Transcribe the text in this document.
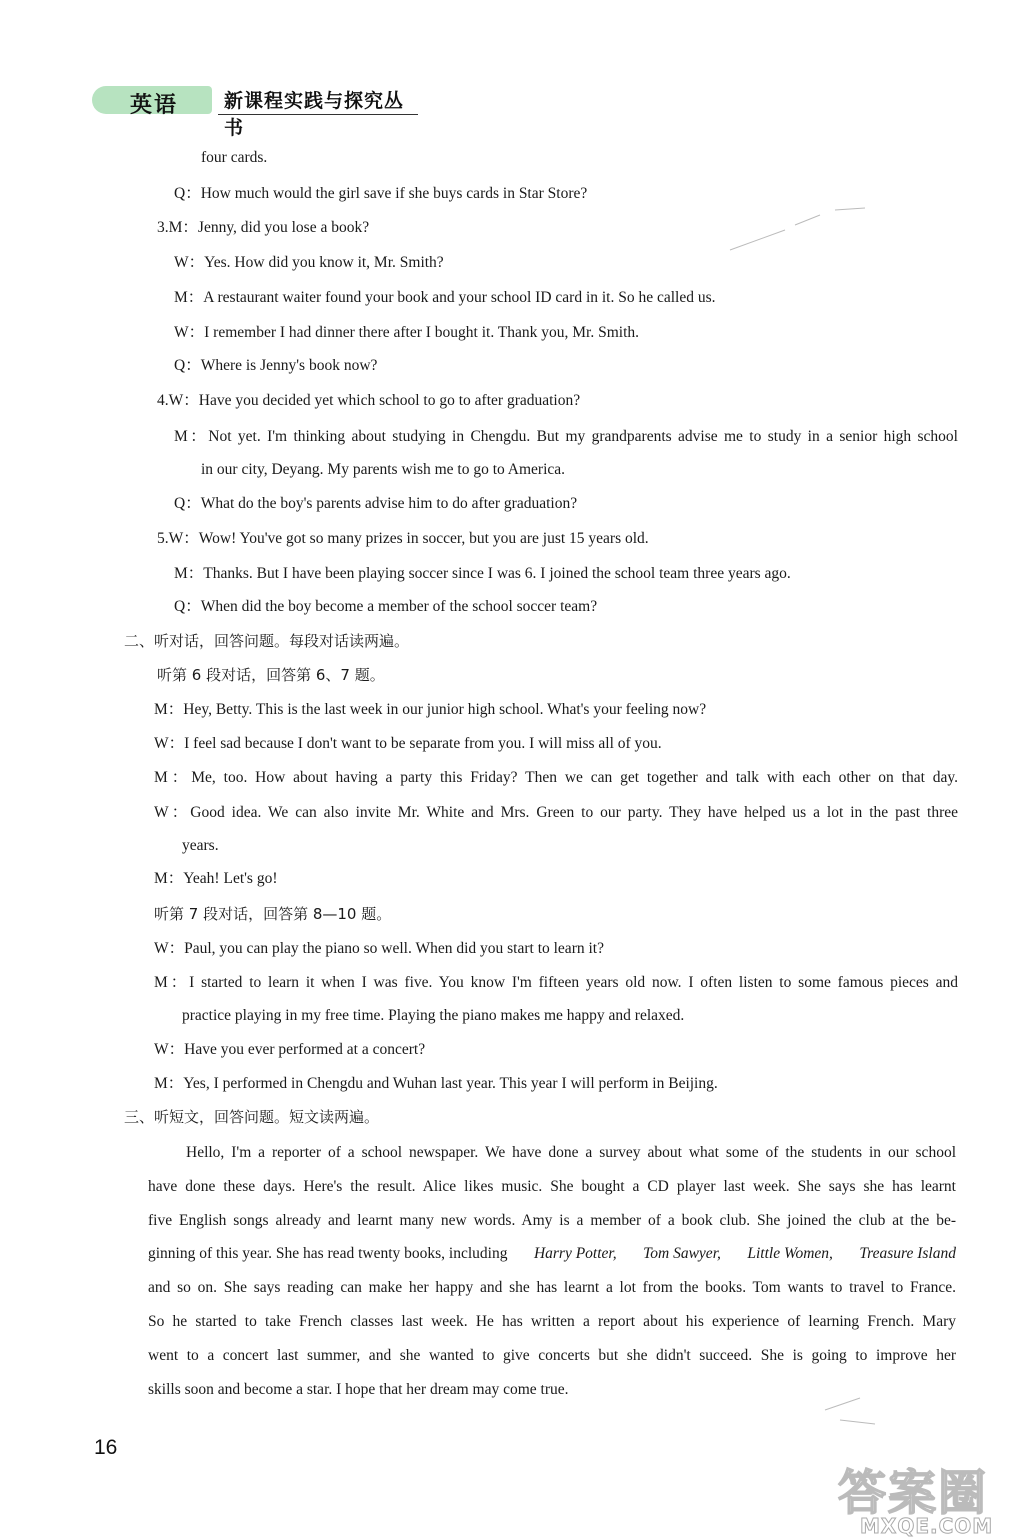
英语 新课程实践与探究丛书
four cards.
Q：How much would the girl save if she buys cards in Star Store?
3.M：Jenny, did you lose a book?
W：Yes. How did you know it, Mr. Smith?
M：A restaurant waiter found your book and your school ID card in it. So he called us.
W：I remember I had dinner there after I bought it. Thank you, Mr. Smith.
Q：Where is Jenny's book now?
4.W：Have you decided yet which school to go to after graduation?
M：Not yet. I'm thinking about studying in Chengdu. But my grandparents advise me to study in a senior high school
in our city, Deyang. My parents wish me to go to America.
Q：What do the boy's parents advise him to do after graduation?
5.W：Wow! You've got so many prizes in soccer, but you are just 15 years old.
M：Thanks. But I have been playing soccer since I was 6. I joined the school team three years ago.
Q：When did the boy become a member of the school soccer team?
二、听对话，回答问题。每段对话读两遍。
听第 6 段对话，回答第 6、7 题。
M：Hey, Betty. This is the last week in our junior high school. What's your feeling now?
W：I feel sad because I don't want to be separate from you. I will miss all of you.
M：Me, too. How about having a party this Friday? Then we can get together and talk with each other on that day.
W：Good idea. We can also invite Mr. White and Mrs. Green to our party. They have helped us a lot in the past three
years.
M：Yeah! Let's go!
听第 7 段对话，回答第 8—10 题。
W：Paul, you can play the piano so well. When did you start to learn it?
M：I started to learn it when I was five. You know I'm fifteen years old now. I often listen to some famous pieces and
practice playing in my free time. Playing the piano makes me happy and relaxed.
W：Have you ever performed at a concert?
M：Yes, I performed in Chengdu and Wuhan last year. This year I will perform in Beijing.
三、听短文，回答问题。短文读两遍。
Hello, I'm a reporter of a school newspaper. We have done a survey about what some of the students in our school
have done these days. Here's the result. Alice likes music. She bought a CD player last week. She says she has learnt
five English songs already and learnt many new words. Amy is a member of a book club. She joined the club at the be-
ginning of this year. She has read twenty books, including Harry Potter, Tom Sawyer, Little Women, Treasure Island
and so on. She says reading can make her happy and she has learnt a lot from the books. Tom wants to travel to France.
So he started to take French classes last week. He has written a report about his experience of learning French. Mary
went to a concert last summer, and she wanted to give concerts but she didn't succeed. She is going to improve her
skills soon and become a star. I hope that her dream may come true.
16
答案圈
MXQE.COM
